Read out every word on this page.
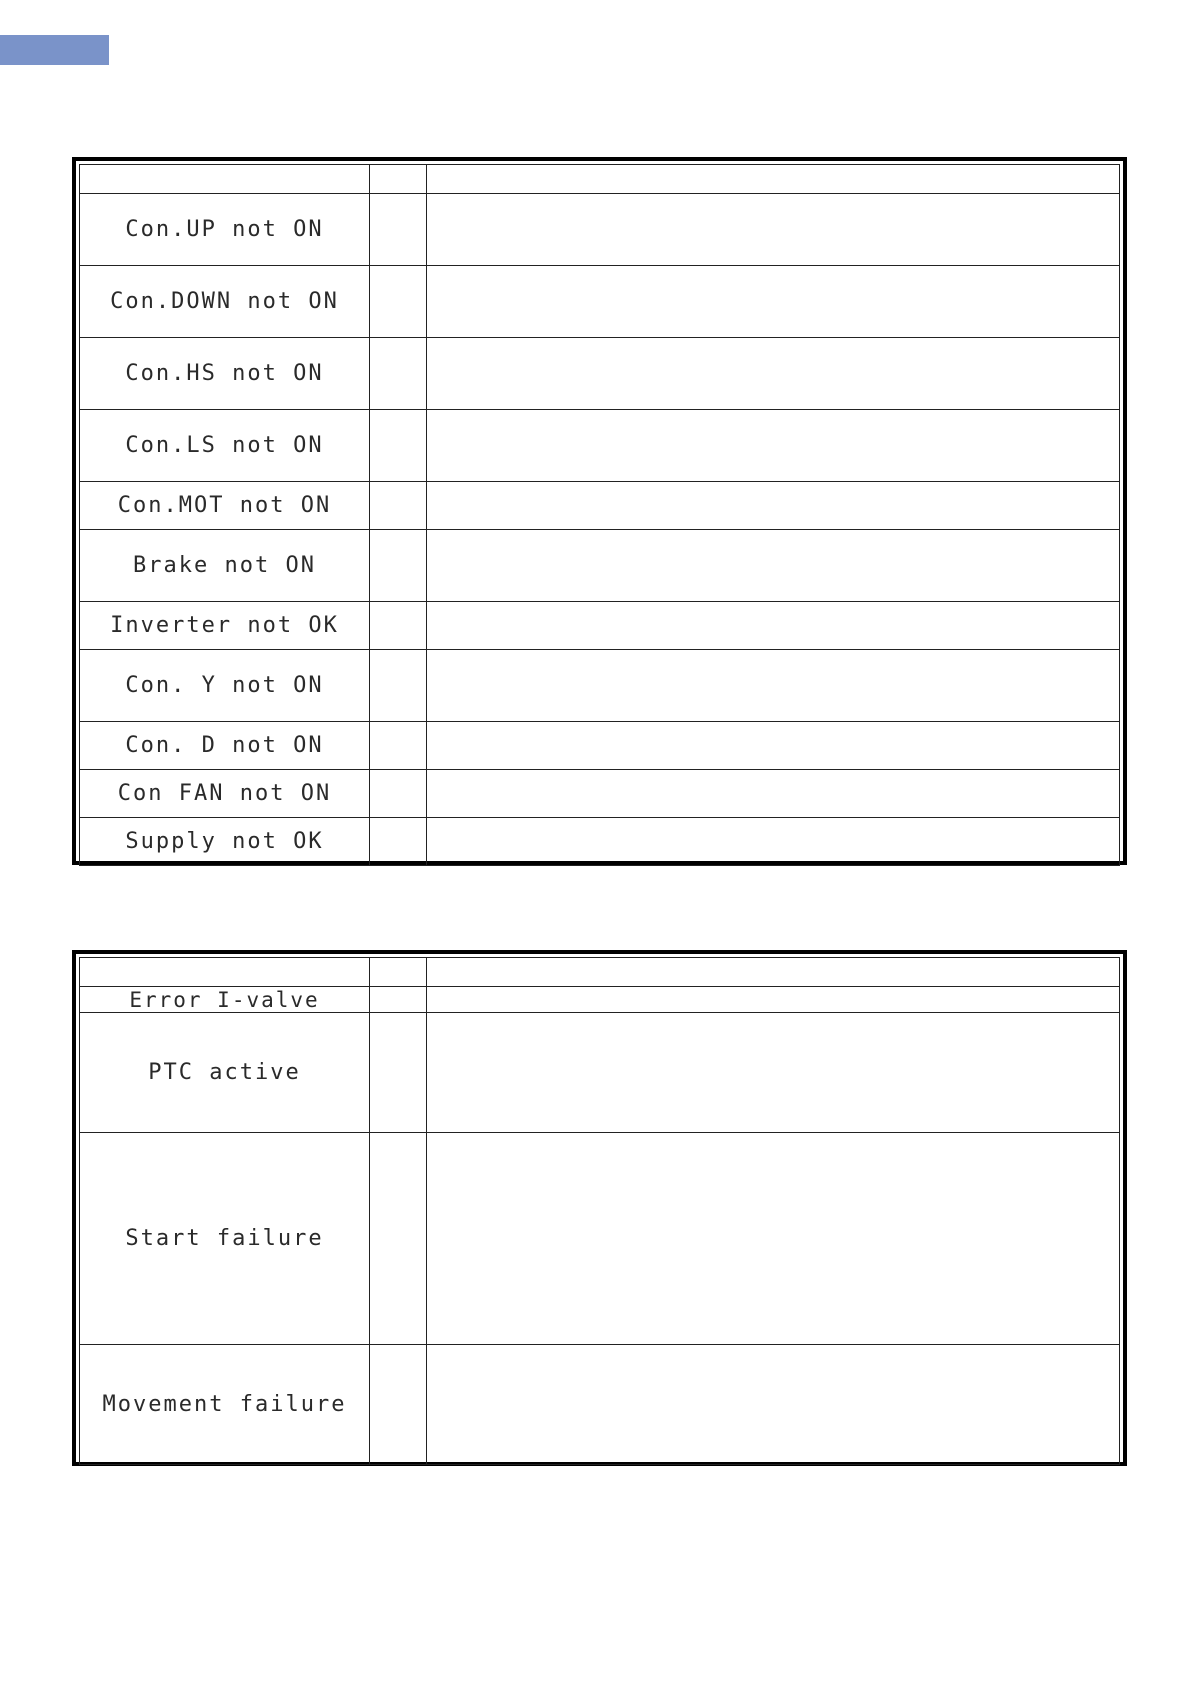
Con.UP not ON		

Con.DOWN not ON		

Con.HS not ON		

Con.LS not ON		

Con.MOT not ON		

Brake not ON		

Inverter not OK		

Con. Y not ON		

Con. D not ON		

Con FAN not ON		

Supply not OK		

Error I-valve		

PTC active		

Start failure		

Movement failure		
